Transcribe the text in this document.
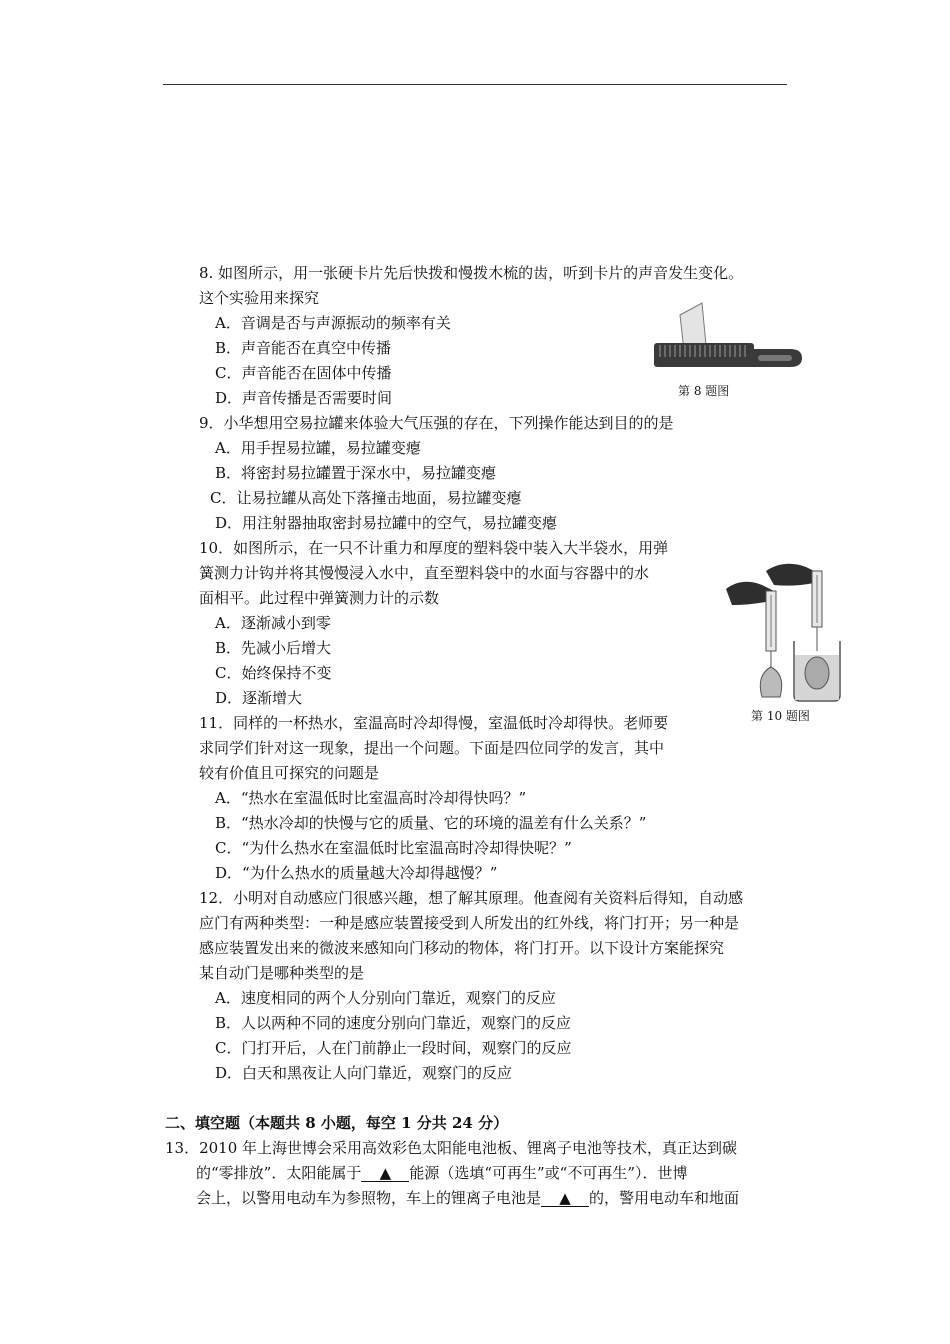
8. 如图所示，用一张硬卡片先后快拨和慢拨木梳的齿，听到卡片的声音发生变化。
这个实验用来探究
A．音调是否与声源振动的频率有关
B．声音能否在真空中传播
C．声音能否在固体中传播
D．声音传播是否需要时间	第 8 题图
9．小华想用空易拉罐来体验大气压强的存在，下列操作能达到目的的是
A．用手捏易拉罐，易拉罐变瘪
B．将密封易拉罐置于深水中，易拉罐变瘪
C．让易拉罐从高处下落撞击地面，易拉罐变瘪
D．用注射器抽取密封易拉罐中的空气，易拉罐变瘪
10．如图所示，在一只不计重力和厚度的塑料袋中装入大半袋水，用弹
簧测力计钩并将其慢慢浸入水中，直至塑料袋中的水面与容器中的水
面相平。此过程中弹簧测力计的示数
A．逐渐减小到零
B．先减小后增大
C．始终保持不变
D．逐渐增大
第 10 题图
11．同样的一杯热水，室温高时冷却得慢，室温低时冷却得快。老师要
求同学们针对这一现象，提出一个问题。下面是四位同学的发言，其中
较有价值且可探究的问题是
A．“热水在室温低时比室温高时冷却得快吗？”
B．“热水冷却的快慢与它的质量、它的环境的温差有什么关系？”
C．“为什么热水在室温低时比室温高时冷却得快呢？”
D．“为什么热水的质量越大冷却得越慢？”
12．小明对自动感应门很感兴趣，想了解其原理。他查阅有关资料后得知，自动感
应门有两种类型：一种是感应装置接受到人所发出的红外线，将门打开；另一种是
感应装置发出来的微波来感知向门移动的物体，将门打开。以下设计方案能探究
某自动门是哪种类型的是
A．速度相同的两个人分别向门靠近，观察门的反应
B．人以两种不同的速度分别向门靠近，观察门的反应
C．门打开后，人在门前静止一段时间，观察门的反应
D．白天和黑夜让人向门靠近，观察门的反应
二、填空题（本题共 8 小题，每空 1 分共 24 分）
13．2010 年上海世博会采用高效彩色太阳能电池板、锂离子电池等技术，真正达到碳
的“零排放”．太阳能属于 ▲ 能源（选填“可再生”或“不可再生”）．世博
会上，以警用电动车为参照物，车上的锂离子电池是 ▲ 的，警用电动车和地面
